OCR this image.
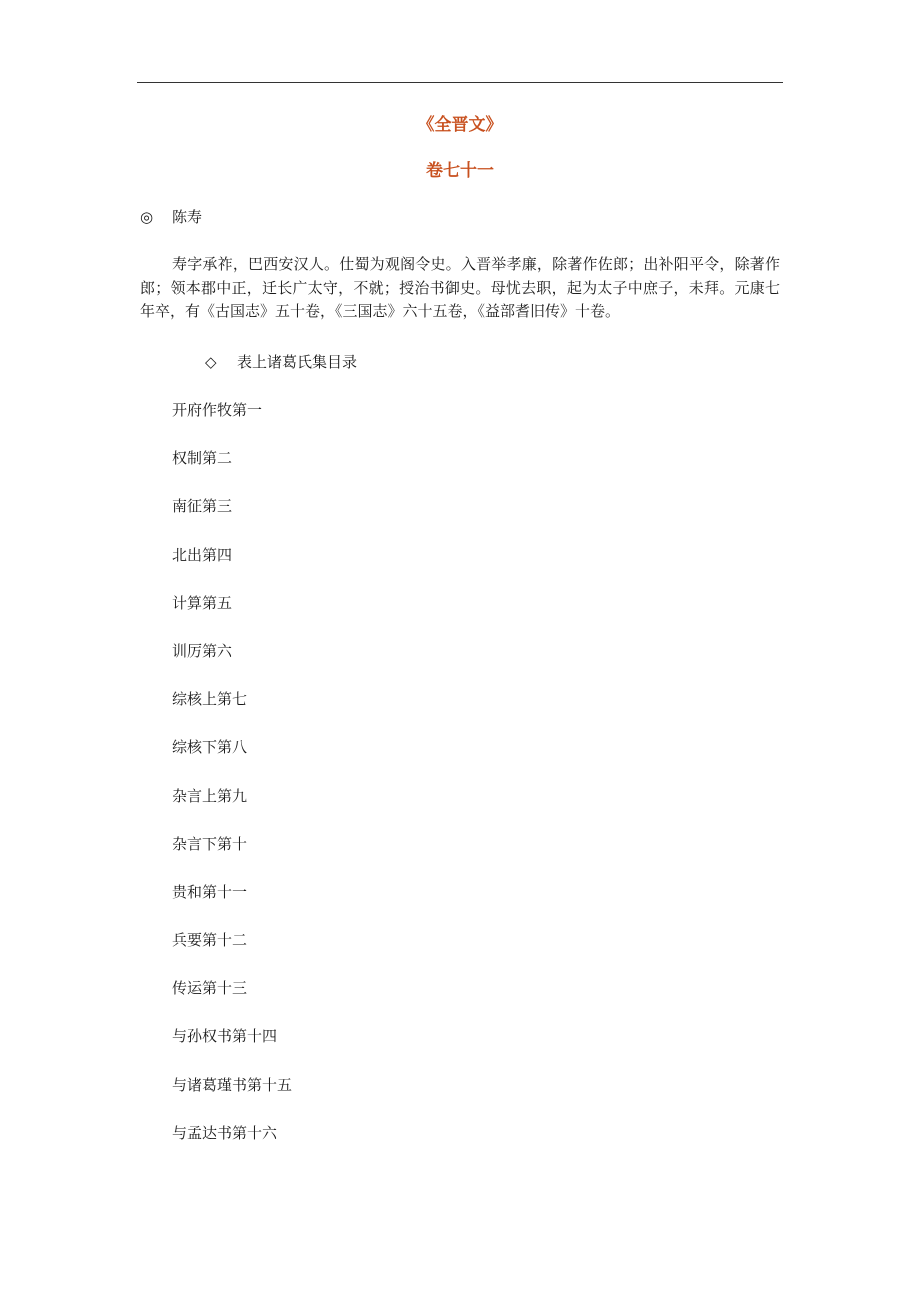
《全晋文》
卷七十一

◎ 陈寿

寿字承祚，巴西安汉人。仕蜀为观阁令史。入晋举孝廉，除著作佐郎；出补阳平令，除著作郎；领本郡中正，迁长广太守，不就；授治书御史。母忧去职，起为太子中庶子，未拜。元康七年卒，有《古国志》五十卷，《三国志》六十五卷，《益部耆旧传》十卷。

◇ 表上诸葛氏集目录

开府作牧第一
权制第二
南征第三
北出第四
计算第五
训厉第六
综核上第七
综核下第八
杂言上第九
杂言下第十
贵和第十一
兵要第十二
传运第十三
与孙权书第十四
与诸葛瑾书第十五
与孟达书第十六
